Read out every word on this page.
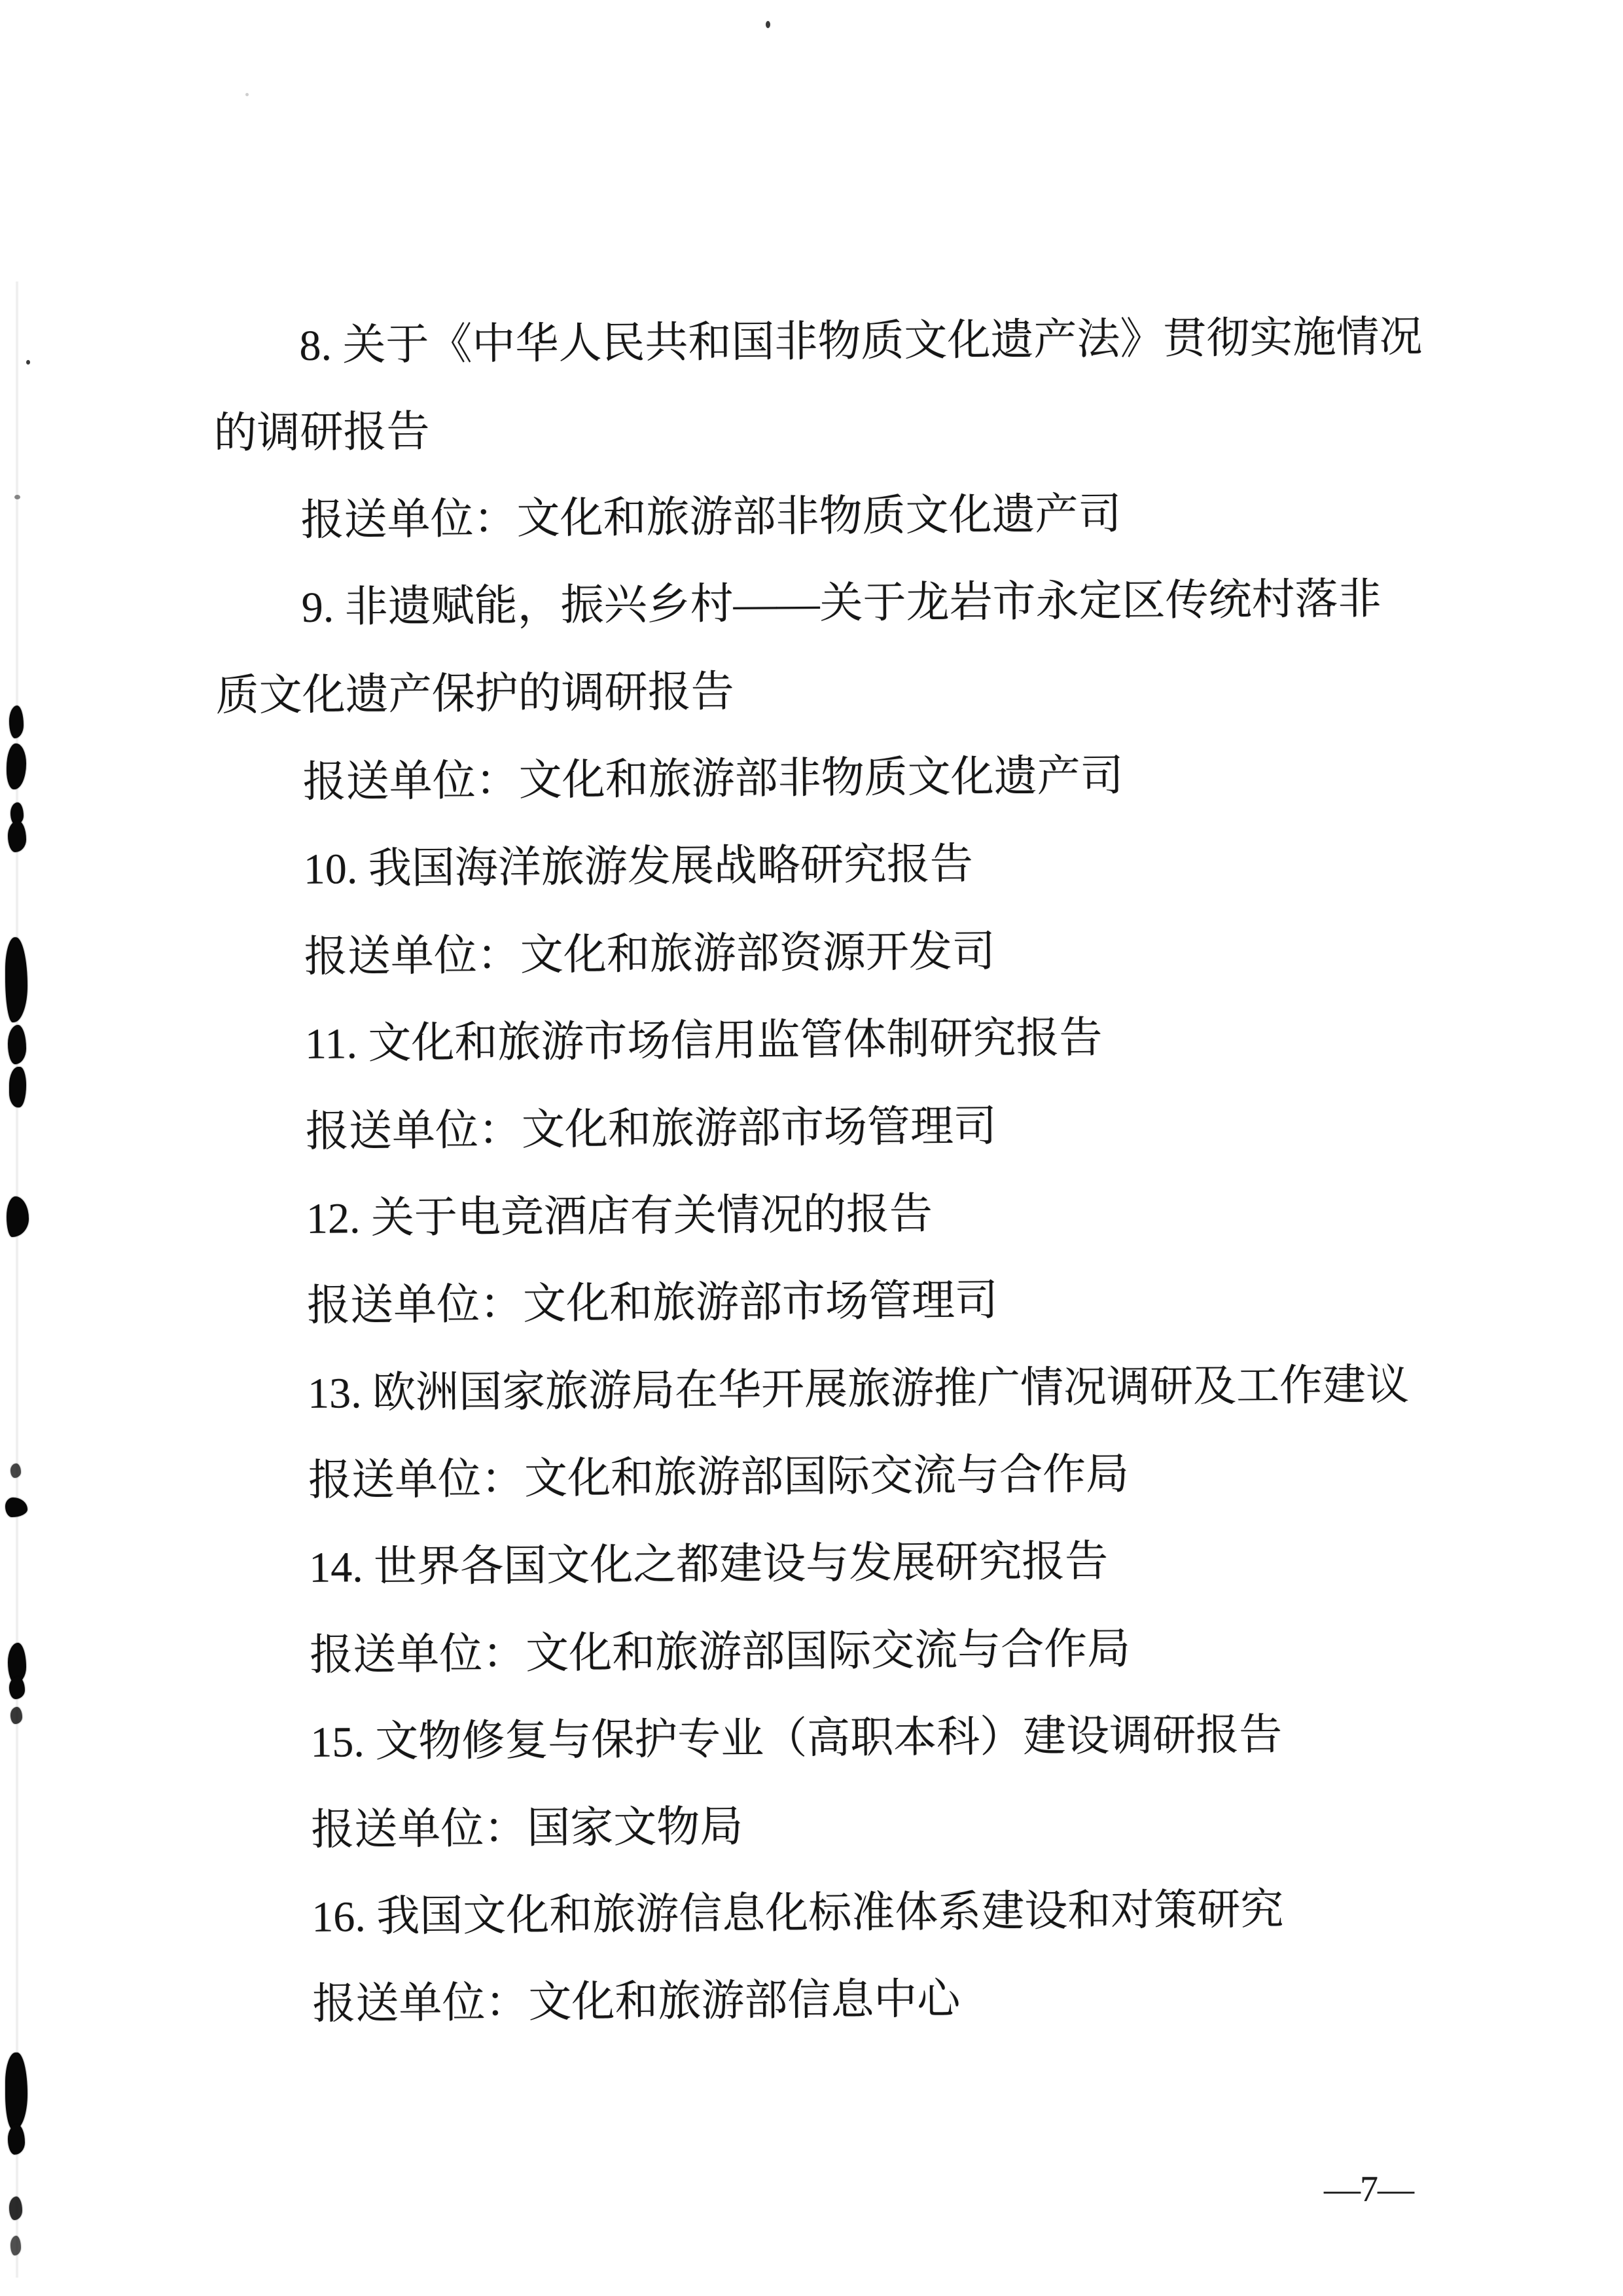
8. 关于《中华人民共和国非物质文化遗产法》贯彻实施情况
的调研报告
报送单位：文化和旅游部非物质文化遗产司
9. 非遗赋能，振兴乡村——关于龙岩市永定区传统村落非
质文化遗产保护的调研报告
报送单位：文化和旅游部非物质文化遗产司
10. 我国海洋旅游发展战略研究报告
报送单位：文化和旅游部资源开发司
11. 文化和旅游市场信用监管体制研究报告
报送单位：文化和旅游部市场管理司
12. 关于电竞酒店有关情况的报告
报送单位：文化和旅游部市场管理司
13. 欧洲国家旅游局在华开展旅游推广情况调研及工作建议
报送单位：文化和旅游部国际交流与合作局
14. 世界各国文化之都建设与发展研究报告
报送单位：文化和旅游部国际交流与合作局
15. 文物修复与保护专业（高职本科）建设调研报告
报送单位：国家文物局
16. 我国文化和旅游信息化标准体系建设和对策研究
报送单位：文化和旅游部信息中心
—7—
